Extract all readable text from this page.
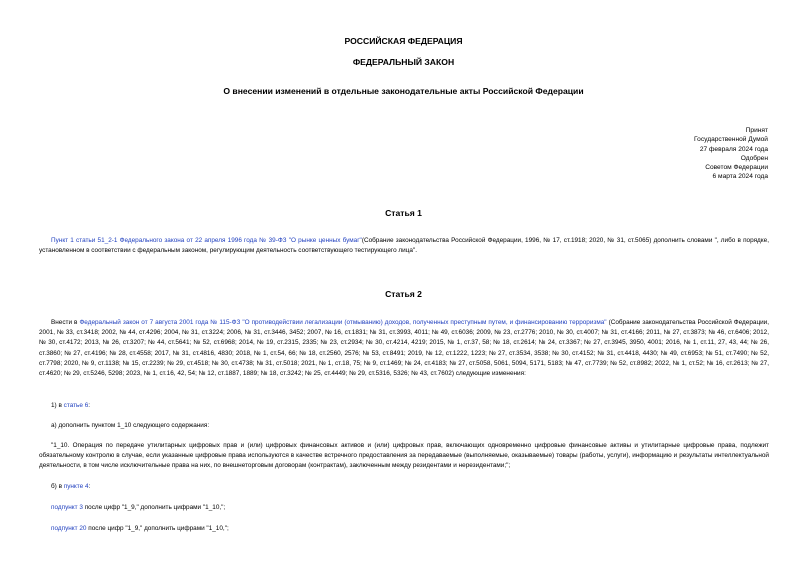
РОССИЙСКАЯ ФЕДЕРАЦИЯ
ФЕДЕРАЛЬНЫЙ ЗАКОН
О внесении изменений в отдельные законодательные акты Российской Федерации
Принят
Государственной Думой
27 февраля 2024 года
Одобрен
Советом Федерации
6 марта 2024 года
Статья 1
Пункт 1 статьи 51_2-1 Федерального закона от 22 апреля 1996 года № 39-ФЗ "О рынке ценных бумаг"(Собрание законодательства Российской Федерации, 1996, № 17, ст.1918; 2020, № 31, ст.5065) дополнить словами ", либо в порядке, установленном в соответствии с федеральным законом, регулирующим деятельность соответствующего тестирующего лица".
Статья 2
Внести в Федеральный закон от 7 августа 2001 года № 115-ФЗ "О противодействии легализации (отмыванию) доходов, полученных преступным путем, и финансированию терроризма" (Собрание законодательства Российской Федерации, 2001, № 33, ст.3418; 2002, № 44, ст.4296; 2004, № 31, ст.3224; 2006, № 31, ст.3446, 3452; 2007, № 16, ст.1831; № 31, ст.3993, 4011; № 49, ст.6036; 2009, № 23, ст.2776; 2010, № 30, ст.4007; № 31, ст.4166; 2011, № 27, ст.3873; № 46, ст.6406; 2012, № 30, ст.4172; 2013, № 26, ст.3207; № 44, ст.5641; № 52, ст.6968; 2014, № 19, ст.2315, 2335; № 23, ст.2934; № 30, ст.4214, 4219; 2015, № 1, ст.37, 58; № 18, ст.2614; № 24, ст.3367; № 27, ст.3945, 3950, 4001; 2016, № 1, ст.11, 27, 43, 44; № 26, ст.3860; № 27, ст.4196; № 28, ст.4558; 2017, № 31, ст.4816, 4830; 2018, № 1, ст.54, 66; № 18, ст.2560, 2576; № 53, ст.8491; 2019, № 12, ст.1222, 1223; № 27, ст.3534, 3538; № 30, ст.4152; № 31, ст.4418, 4430; № 49, ст.6953; № 51, ст.7490; № 52, ст.7798; 2020, № 9, ст.1138; № 15, ст.2239; № 29, ст.4518; № 30, ст.4738; № 31, ст.5018; 2021, № 1, ст.18, 75; № 9, ст.1469; № 24, ст.4183; № 27, ст.5058, 5061, 5094, 5171, 5183; № 47, ст.7739; № 52, ст.8982; 2022, № 1, ст.52; № 16, ст.2613; № 27, ст.4620; № 29, ст.5246, 5298; 2023, № 1, ст.16, 42, 54; № 12, ст.1887, 1889; № 18, ст.3242; № 25, ст.4449; № 29, ст.5316, 5326; № 43, ст.7602) следующие изменения:
1) в статье 6:
а) дополнить пунктом 1_10 следующего содержания:
"1_10. Операция по передаче утилитарных цифровых прав и (или) цифровых финансовых активов и (или) цифровых прав, включающих одновременно цифровые финансовые активы и утилитарные цифровые права, подлежит обязательному контролю в случае, если указанные цифровые права используются в качестве встречного предоставления за передаваемые (выполняемые, оказываемые) товары (работы, услуги), информацию и результаты интеллектуальной деятельности, в том числе исключительные права на них, по внешнеторговым договорам (контрактам), заключенным между резидентами и нерезидентами;";
б) в пункте 4:
подпункт 3 после цифр "1_9," дополнить цифрами "1_10,";
подпункт 20 после цифр "1_9," дополнить цифрами "1_10,";
